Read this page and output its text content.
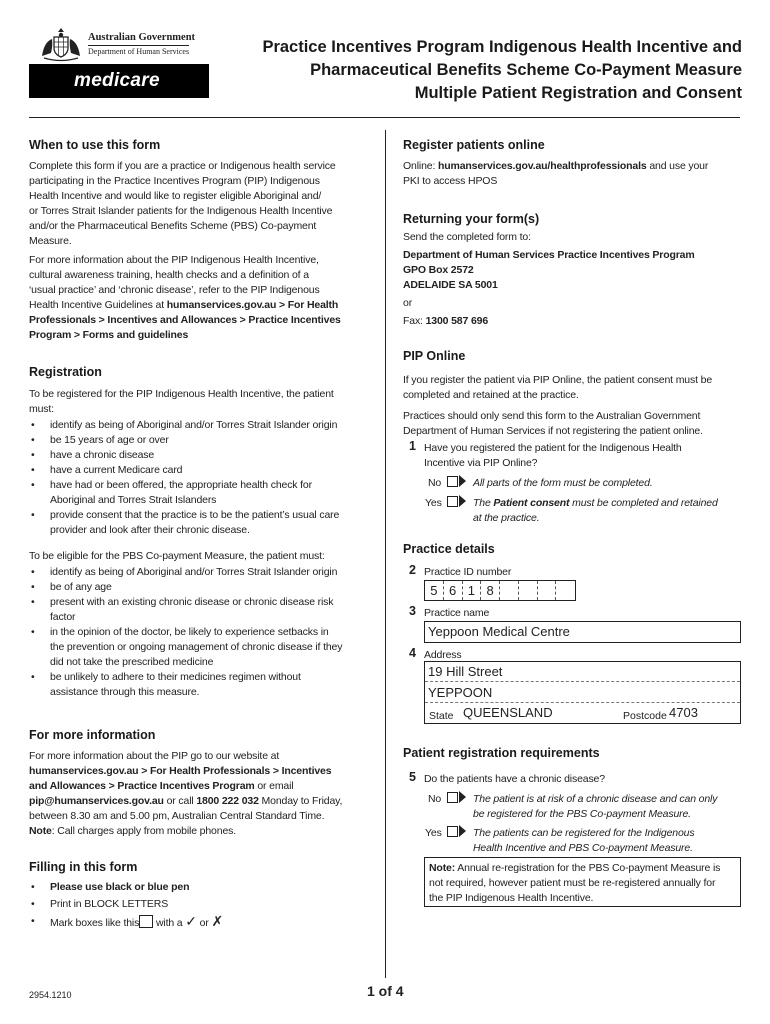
Australian Government
Department of Human Services
medicare
Practice Incentives Program Indigenous Health Incentive and
Pharmaceutical Benefits Scheme Co-Payment Measure
Multiple Patient Registration and Consent
When to use this form
Complete this form if you are a practice or Indigenous health service
participating in the Practice Incentives Program (PIP) Indigenous
Health Incentive and would like to register eligible Aboriginal and/
or Torres Strait Islander patients for the Indigenous Health Incentive
and/or the Pharmaceutical Benefits Scheme (PBS) Co-payment
Measure.
For more information about the PIP Indigenous Health Incentive,
cultural awareness training, health checks and a definition of a
‘usual practice’ and ‘chronic disease’, refer to the PIP Indigenous
Health Incentive Guidelines at humanservices.gov.au > For Health
Professionals > Incentives and Allowances > Practice Incentives
Program > Forms and guidelines
Registration
To be registered for the PIP Indigenous Health Incentive, the patient
must:
• identify as being of Aboriginal and/or Torres Strait Islander origin
• be 15 years of age or over
• have a chronic disease
• have a current Medicare card
• have had or been offered, the appropriate health check for
Aboriginal and Torres Strait Islanders
• provide consent that the practice is to be the patient’s usual care
provider and look after their chronic disease.
To be eligible for the PBS Co-payment Measure, the patient must:
• identify as being of Aboriginal and/or Torres Strait Islander origin
• be of any age
• present with an existing chronic disease or chronic disease risk
factor
• in the opinion of the doctor, be likely to experience setbacks in
the prevention or ongoing management of chronic disease if they
did not take the prescribed medicine
• be unlikely to adhere to their medicines regimen without
assistance through this measure.
For more information
For more information about the PIP go to our website at
humanservices.gov.au > For Health Professionals > Incentives
and Allowances > Practice Incentives Program or email
pip@humanservices.gov.au or call 1800 222 032 Monday to Friday,
between 8.30 am and 5.00 pm, Australian Central Standard Time.
Note: Call charges apply from mobile phones.
Filling in this form
• Please use black or blue pen
• Print in BLOCK LETTERS
• Mark boxes like this with a ✓ or ✗
Register patients online
Online: humanservices.gov.au/healthprofessionals and use your
PKI to access HPOS
Returning your form(s)
Send the completed form to:
Department of Human Services Practice Incentives Program
GPO Box 2572
ADELAIDE SA 5001
or
Fax: 1300 587 696
PIP Online
If you register the patient via PIP Online, the patient consent must be
completed and retained at the practice.
Practices should only send this form to the Australian Government
Department of Human Services if not registering the patient online.
1 Have you registered the patient for the Indigenous Health
Incentive via PIP Online?
No	All parts of the form must be completed.
Yes	The Patient consent must be completed and retained
at the practice.
Practice details
2 Practice ID number
5 6 1 8
3 Practice name
Yeppoon Medical Centre
4 Address
19 Hill Street
YEPPOON
State QUEENSLAND	Postcode 4703
Patient registration requirements
5 Do the patients have a chronic disease?
No	The patient is at risk of a chronic disease and can only
be registered for the PBS Co-payment Measure.
Yes	The patients can be registered for the Indigenous
Health Incentive and PBS Co-payment Measure.
Note: Annual re-registration for the PBS Co-payment Measure is
not required, however patient must be re-registered annually for
the PIP Indigenous Health Incentive.
2954.1210	1 of 4
